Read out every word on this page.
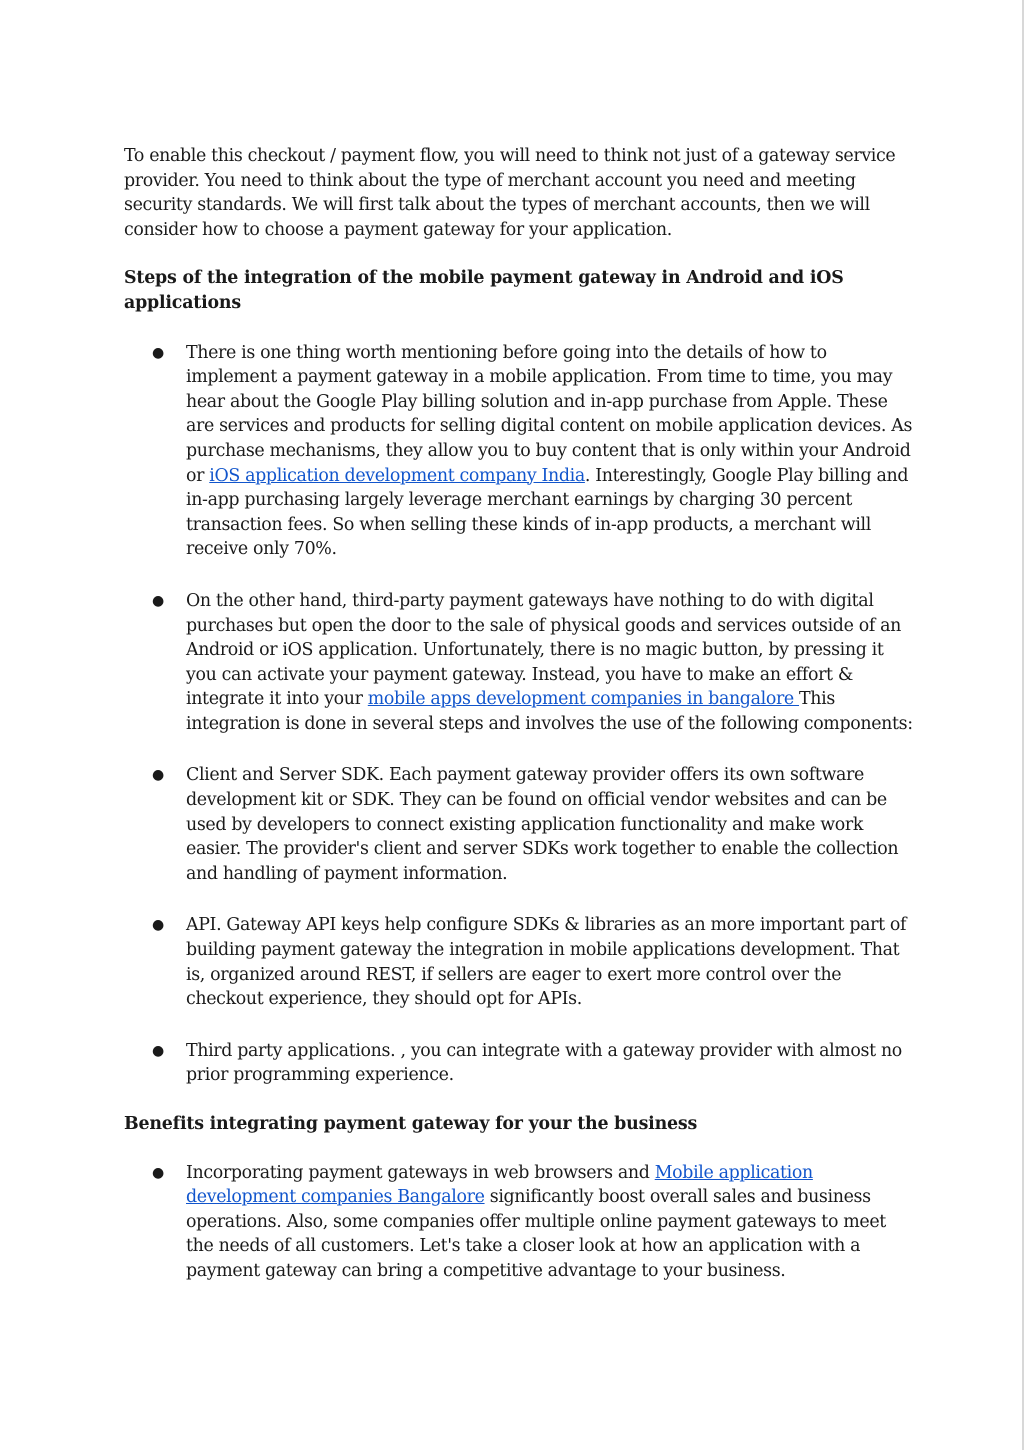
To enable this checkout / payment flow, you will need to think not just of a gateway service provider. You need to think about the type of merchant account you need and meeting security standards. We will first talk about the types of merchant accounts, then we will consider how to choose a payment gateway for your application.

Steps of the integration of the mobile payment gateway in Android and iOS applications
● There is one thing worth mentioning before going into the details of how to implement a payment gateway in a mobile application. From time to time, you may hear about the Google Play billing solution and in-app purchase from Apple. These are services and products for selling digital content on mobile application devices. As purchase mechanisms, they allow you to buy content that is only within your Android or iOS application development company India. Interestingly, Google Play billing and in-app purchasing largely leverage merchant earnings by charging 30 percent transaction fees. So when selling these kinds of in-app products, a merchant will receive only 70%.
● On the other hand, third-party payment gateways have nothing to do with digital purchases but open the door to the sale of physical goods and services outside of an Android or iOS application. Unfortunately, there is no magic button, by pressing it you can activate your payment gateway. Instead, you have to make an effort & integrate it into your mobile apps development companies in bangalore This integration is done in several steps and involves the use of the following components:
● Client and Server SDK. Each payment gateway provider offers its own software development kit or SDK. They can be found on official vendor websites and can be used by developers to connect existing application functionality and make work easier. The provider's client and server SDKs work together to enable the collection and handling of payment information.
● API. Gateway API keys help configure SDKs & libraries as an more important part of building payment gateway the integration in mobile applications development. That is, organized around REST, if sellers are eager to exert more control over the checkout experience, they should opt for APIs.
● Third party applications. , you can integrate with a gateway provider with almost no prior programming experience.
Benefits integrating payment gateway for your the business
● Incorporating payment gateways in web browsers and Mobile application development companies Bangalore significantly boost overall sales and business operations. Also, some companies offer multiple online payment gateways to meet the needs of all customers. Let's take a closer look at how an application with a payment gateway can bring a competitive advantage to your business.
